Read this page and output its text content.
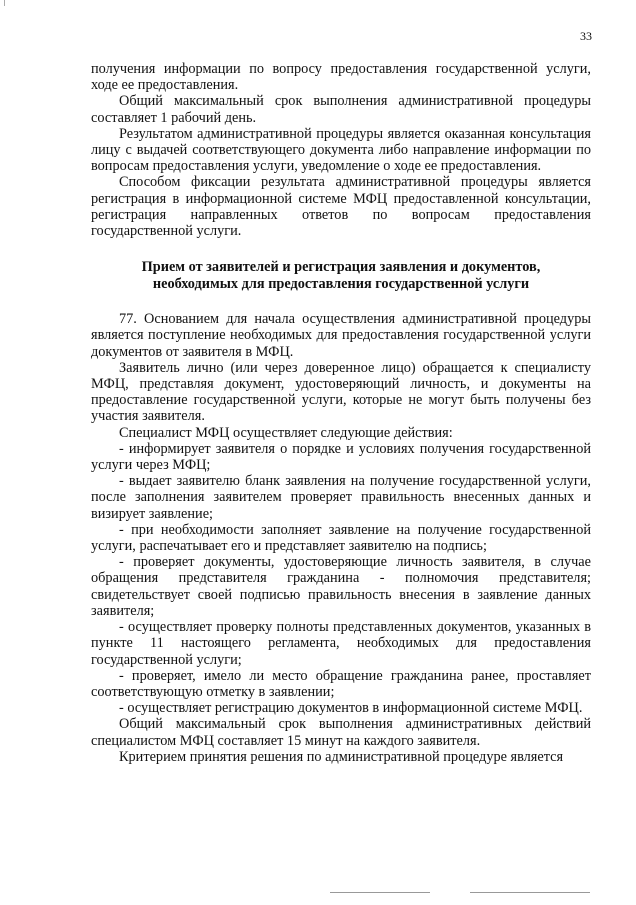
33

получения информации по вопросу предоставления государственной услуги, ходе ее предоставления.

Общий максимальный срок выполнения административной процедуры составляет 1 рабочий день.

Результатом административной процедуры является оказанная консультация лицу с выдачей соответствующего документа либо направление информации по вопросам предоставления услуги, уведомление о ходе ее предоставления.

Способом фиксации результата административной процедуры является регистрация в информационной системе МФЦ предоставленной консультации, регистрация направленных ответов по вопросам предоставления государственной услуги.

Прием от заявителей и регистрация заявления и документов,

необходимых для предоставления государственной услуги

77. Основанием для начала осуществления административной процедуры является поступление необходимых для предоставления государственной услуги документов от заявителя в МФЦ.

Заявитель лично (или через доверенное лицо) обращается к специалисту МФЦ, представляя документ, удостоверяющий личность, и документы на предоставление государственной услуги, которые не могут быть получены без участия заявителя.

Специалист МФЦ осуществляет следующие действия:

- информирует заявителя о порядке и условиях получения государственной услуги через МФЦ;

- выдает заявителю бланк заявления на получение государственной услуги, после заполнения заявителем проверяет правильность внесенных данных и визирует заявление;

- при необходимости заполняет заявление на получение государственной услуги, распечатывает его и представляет заявителю на подпись;

- проверяет документы, удостоверяющие личность заявителя, в случае обращения представителя гражданина - полномочия представителя; свидетельствует своей подписью правильность внесения в заявление данных заявителя;

- осуществляет проверку полноты представленных документов, указанных в пункте 11 настоящего регламента, необходимых для предоставления государственной услуги;

- проверяет, имело ли место обращение гражданина ранее, проставляет соответствующую отметку в заявлении;

- осуществляет регистрацию документов в информационной системе МФЦ.

Общий максимальный срок выполнения административных действий специалистом МФЦ составляет 15 минут на каждого заявителя.

Критерием принятия решения по административной процедуре является
